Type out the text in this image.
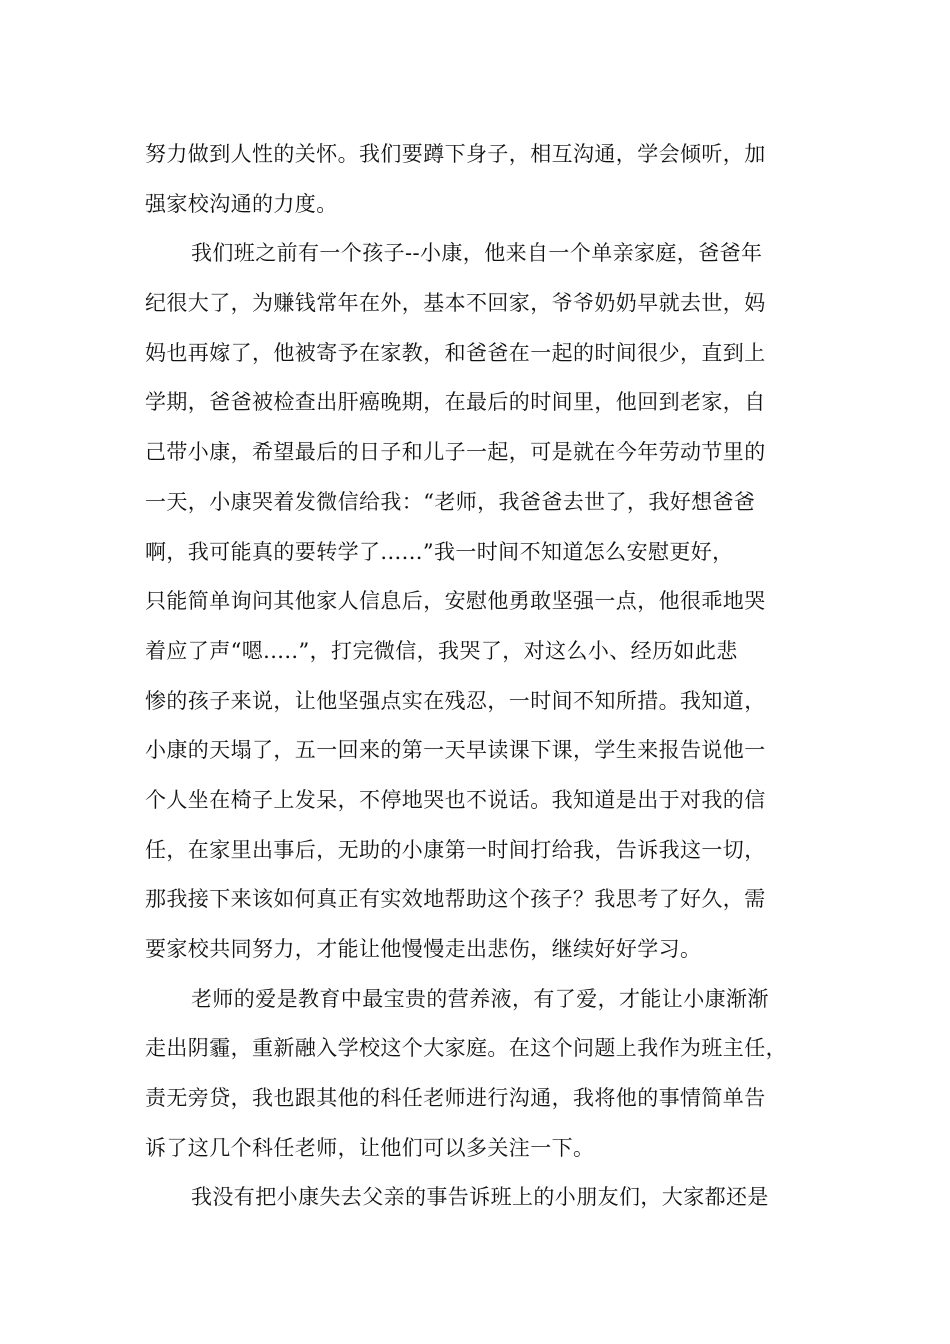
努力做到人性的关怀。我们要蹲下身子，相互沟通，学会倾听，加
强家校沟通的力度。
我们班之前有一个孩子--小康，他来自一个单亲家庭，爸爸年
纪很大了，为赚钱常年在外，基本不回家，爷爷奶奶早就去世，妈
妈也再嫁了，他被寄予在家教，和爸爸在一起的时间很少，直到上
学期，爸爸被检查出肝癌晚期，在最后的时间里，他回到老家，自
己带小康，希望最后的日子和儿子一起，可是就在今年劳动节里的
一天，小康哭着发微信给我：“老师，我爸爸去世了，我好想爸爸
啊，我可能真的要转学了......”我一时间不知道怎么安慰更好，
只能简单询问其他家人信息后，安慰他勇敢坚强一点，他很乖地哭
着应了声“嗯.....”，打完微信，我哭了，对这么小、经历如此悲
惨的孩子来说，让他坚强点实在残忍，一时间不知所措。我知道，
小康的天塌了，五一回来的第一天早读课下课，学生来报告说他一
个人坐在椅子上发呆，不停地哭也不说话。我知道是出于对我的信
任，在家里出事后，无助的小康第一时间打给我，告诉我这一切，
那我接下来该如何真正有实效地帮助这个孩子？我思考了好久，需
要家校共同努力，才能让他慢慢走出悲伤，继续好好学习。
老师的爱是教育中最宝贵的营养液，有了爱，才能让小康渐渐
走出阴霾，重新融入学校这个大家庭。在这个问题上我作为班主任，
责无旁贷，我也跟其他的科任老师进行沟通，我将他的事情简单告
诉了这几个科任老师，让他们可以多关注一下。
我没有把小康失去父亲的事告诉班上的小朋友们，大家都还是
